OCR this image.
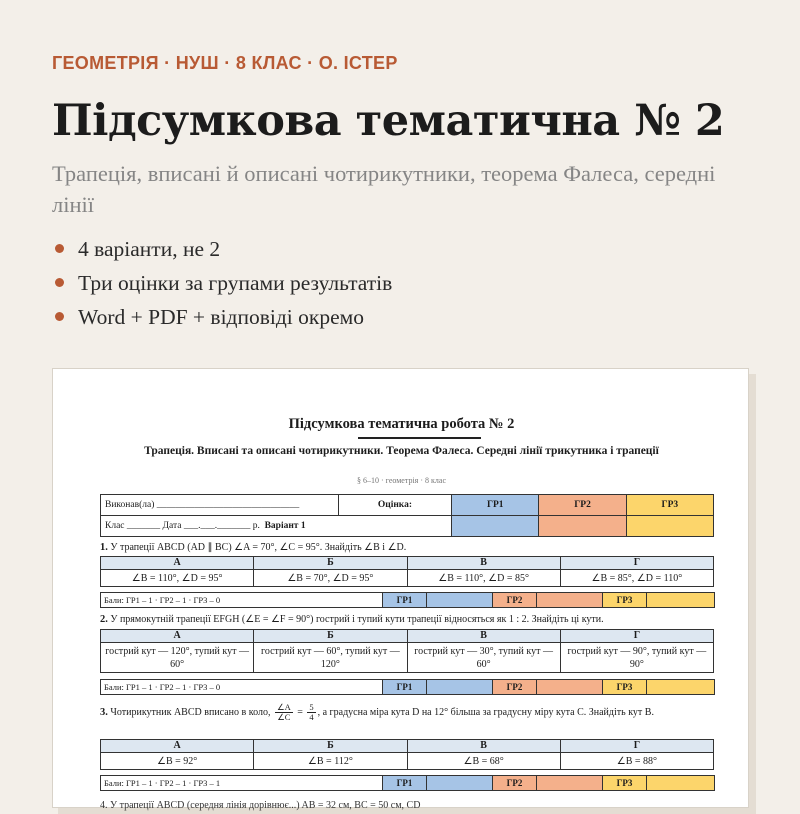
ГЕОМЕТРІЯ · НУШ · 8 КЛАС · О. ІСТЕР
Підсумкова тематична № 2
Трапеція, вписані й описані чотирикутники, теорема Фалеса, середні лінії
4 варіанти, не 2
Три оцінки за групами результатів
Word + PDF + відповіді окремо
Підсумкова тематична робота № 2
Трапеція. Вписані та описані чотирикутники. Теорема Фалеса. Середні лінії трикутника і трапеції
§ 6–10 · геометрія · 8 клас
Виконав(ла) ______________________________	Оцінка:	ГР1	ГР2	ГР3
Клас _______ Дата ___.___._______ р. Варіант 1				
1. У трапеції ABCD (AD ∥ BC) ∠A = 70°, ∠C = 95°. Знайдіть ∠B і ∠D.
А	Б	В	Г
∠B = 110°, ∠D = 95°	∠B = 70°, ∠D = 95°	∠B = 110°, ∠D = 85°	∠B = 85°, ∠D = 110°
Бали: ГР1 – 1 · ГР2 – 1 · ГР3 – 0	ГР1		ГР2		ГР3	
2. У прямокутній трапеції EFGH (∠E = ∠F = 90°) гострий і тупий кути трапеції відносяться як 1 : 2. Знайдіть ці кути.
А	Б	В	Г
гострий кут — 120°, тупий кут — 60°	гострий кут — 60°, тупий кут — 120°	гострий кут — 30°, тупий кут — 60°	гострий кут — 90°, тупий кут — 90°
Бали: ГР1 – 1 · ГР2 – 1 · ГР3 – 0	ГР1		ГР2		ГР3	
3. Чотирикутник ABCD вписано в коло, $\frac{\angle A}{\angle C} = \frac{5}{4}$ , а градусна міра кута D на 12° більша за градусну міру кута C. Знайдіть кут B.
А	Б	В	Г
∠B = 92°	∠B = 112°	∠B = 68°	∠B = 88°
Бали: ГР1 – 1 · ГР2 – 1 · ГР3 – 1	ГР1		ГР2		ГР3	
4. У трапеції ABCD (середня лінія дорівнює...) AB = 32 см, BC = 50 см, CD
